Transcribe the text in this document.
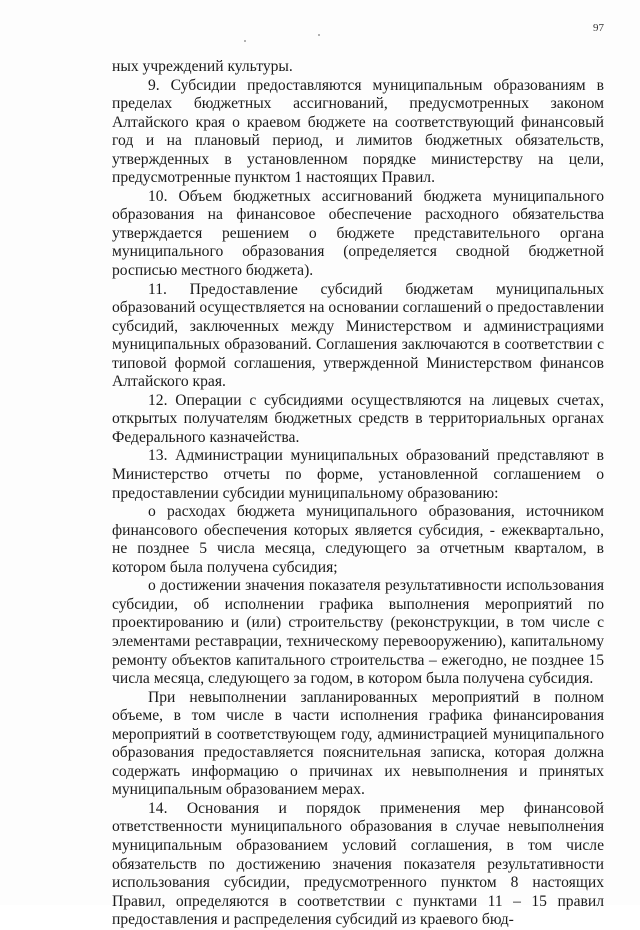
97

ных учреждений культуры.

9. Субсидии предоставляются муниципальным образованиям в пределах бюджетных ассигнований, предусмотренных законом Алтайского края о краевом бюджете на соответствующий финансовый год и на плановый период, и лимитов бюджетных обязательств, утвержденных в установленном порядке министерству на цели, предусмотренные пунктом 1 настоящих Правил.

10. Объем бюджетных ассигнований бюджета муниципального образования на финансовое обеспечение расходного обязательства утверждается решением о бюджете представительного органа муниципального образования (определяется сводной бюджетной росписью местного бюджета).

11. Предоставление субсидий бюджетам муниципальных образований осуществляется на основании соглашений о предоставлении субсидий, заключенных между Министерством и администрациями муниципальных образований. Соглашения заключаются в соответствии с типовой формой соглашения, утвержденной Министерством финансов Алтайского края.

12. Операции с субсидиями осуществляются на лицевых счетах, открытых получателям бюджетных средств в территориальных органах Федерального казначейства.

13. Администрации муниципальных образований представляют в Министерство отчеты по форме, установленной соглашением о предоставлении субсидии муниципальному образованию:

о расходах бюджета муниципального образования, источником финансового обеспечения которых является субсидия, - ежеквартально, не позднее 5 числа месяца, следующего за отчетным кварталом, в котором была получена субсидия;

о достижении значения показателя результативности использования субсидии, об исполнении графика выполнения мероприятий по проектированию и (или) строительству (реконструкции, в том числе с элементами реставрации, техническому перевооружению), капитальному ремонту объектов капитального строительства – ежегодно, не позднее 15 числа месяца, следующего за годом, в котором была получена субсидия.

При невыполнении запланированных мероприятий в полном объеме, в том числе в части исполнения графика финансирования мероприятий в соответствующем году, администрацией муниципального образования предоставляется пояснительная записка, которая должна содержать информацию о причинах их невыполнения и принятых муниципальным образованием мерах.

14. Основания и порядок применения мер финансовой ответственности муниципального образования в случае невыполнения муниципальным образованием условий соглашения, в том числе обязательств по достижению значения показателя результативности использования субсидии, предусмотренного пунктом 8 настоящих Правил, определяются в соответствии с пунктами 11 – 15 правил предоставления и распределения субсидий из краевого бюд-
